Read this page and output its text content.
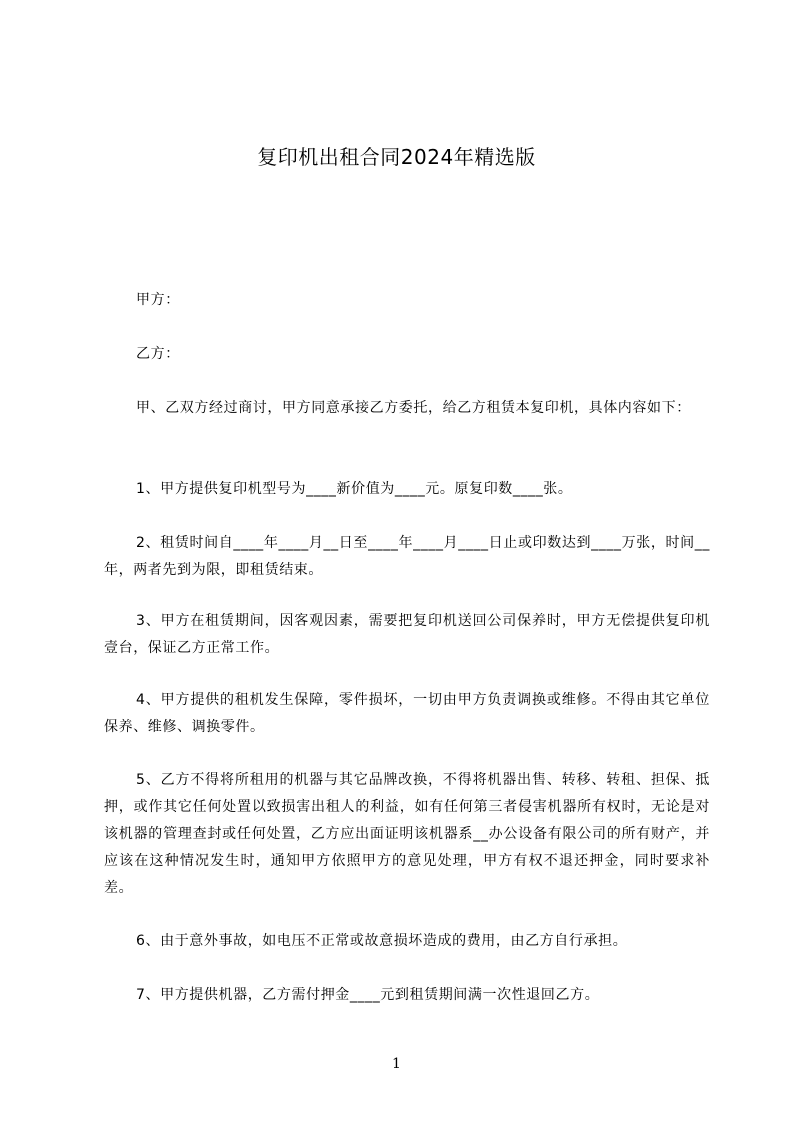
复印机出租合同2024年精选版

甲方：

乙方：

甲、乙双方经过商讨，甲方同意承接乙方委托，给乙方租赁本复印机，具体内容如下：

1、甲方提供复印机型号为____新价值为____元。原复印数____张。

2、租赁时间自____年____月__日至____年____月____日止或印数达到____万张，时间__年，两者先到为限，即租赁结束。

3、甲方在租赁期间，因客观因素，需要把复印机送回公司保养时，甲方无偿提供复印机壹台，保证乙方正常工作。

4、甲方提供的租机发生保障，零件损坏，一切由甲方负责调换或维修。不得由其它单位保养、维修、调换零件。

5、乙方不得将所租用的机器与其它品牌改换，不得将机器出售、转移、转租、担保、抵押，或作其它任何处置以致损害出租人的利益，如有任何第三者侵害机器所有权时，无论是对该机器的管理查封或任何处置，乙方应出面证明该机器系__办公设备有限公司的所有财产，并应该在这种情况发生时，通知甲方依照甲方的意见处理，甲方有权不退还押金，同时要求补差。

6、由于意外事故，如电压不正常或故意损坏造成的费用，由乙方自行承担。

7、甲方提供机器，乙方需付押金____元到租赁期间满一次性退回乙方。

1
